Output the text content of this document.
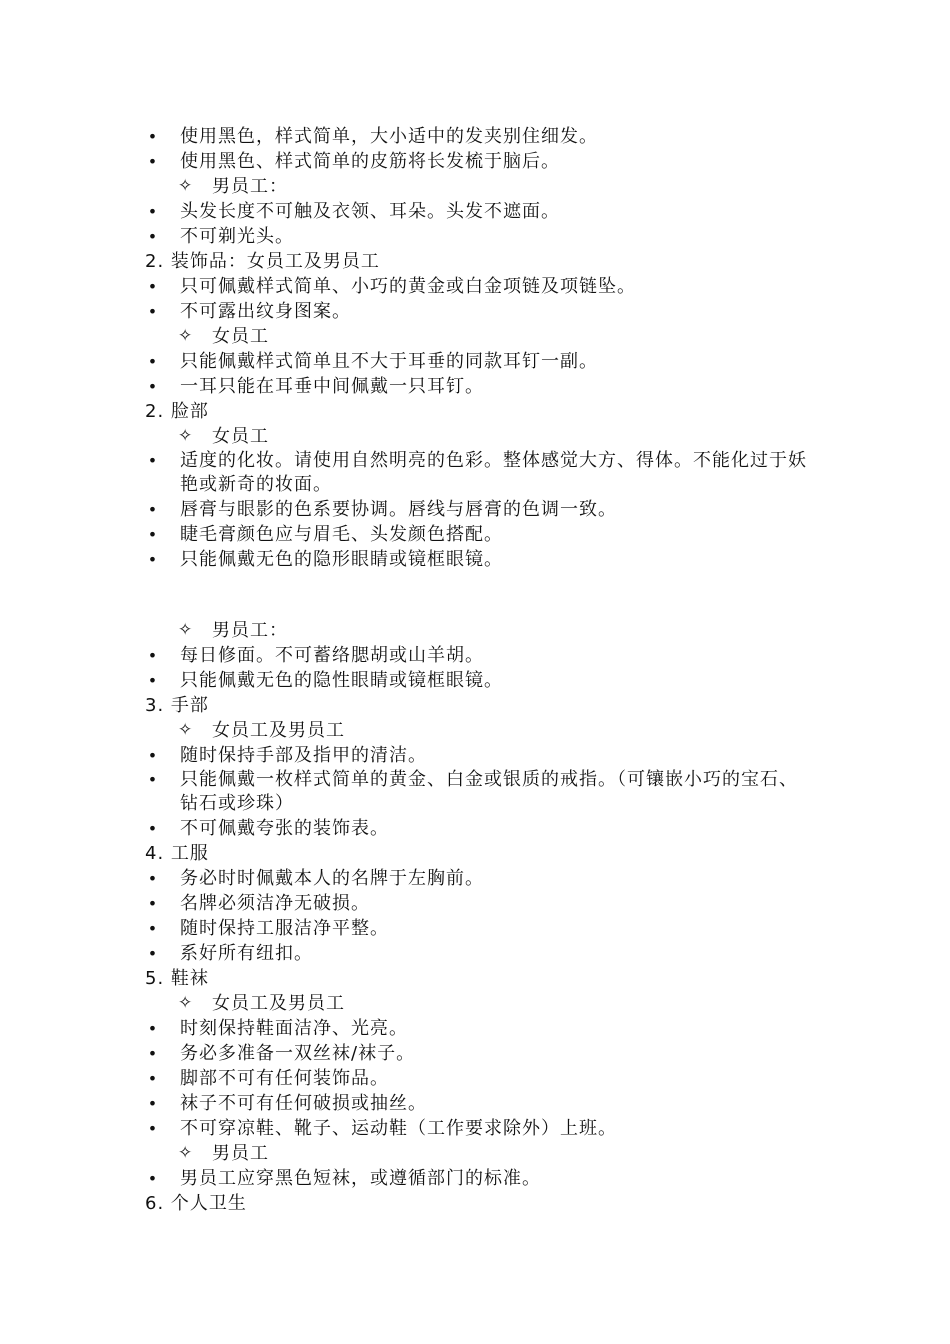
• 使用黑色，样式简单，大小适中的发夹别住细发。
• 使用黑色、样式简单的皮筋将长发梳于脑后。
✧ 男员工：
• 头发长度不可触及衣领、耳朵。头发不遮面。
• 不可剃光头。
2. 装饰品：女员工及男员工
• 只可佩戴样式简单、小巧的黄金或白金项链及项链坠。
• 不可露出纹身图案。
✧ 女员工
• 只能佩戴样式简单且不大于耳垂的同款耳钉一副。
• 一耳只能在耳垂中间佩戴一只耳钉。
2. 脸部
✧ 女员工
• 适度的化妆。请使用自然明亮的色彩。整体感觉大方、得体。不能化过于妖艳或新奇的妆面。
• 唇膏与眼影的色系要协调。唇线与唇膏的色调一致。
• 睫毛膏颜色应与眉毛、头发颜色搭配。
• 只能佩戴无色的隐形眼睛或镜框眼镜。
✧ 男员工：
• 每日修面。不可蓄络腮胡或山羊胡。
• 只能佩戴无色的隐性眼睛或镜框眼镜。
3. 手部
✧ 女员工及男员工
• 随时保持手部及指甲的清洁。
• 只能佩戴一枚样式简单的黄金、白金或银质的戒指。（可镶嵌小巧的宝石、钻石或珍珠）
• 不可佩戴夸张的装饰表。
4. 工服
• 务必时时佩戴本人的名牌于左胸前。
• 名牌必须洁净无破损。
• 随时保持工服洁净平整。
• 系好所有纽扣。
5. 鞋袜
✧ 女员工及男员工
• 时刻保持鞋面洁净、光亮。
• 务必多准备一双丝袜/袜子。
• 脚部不可有任何装饰品。
• 袜子不可有任何破损或抽丝。
• 不可穿凉鞋、靴子、运动鞋（工作要求除外）上班。
✧ 男员工
• 男员工应穿黑色短袜，或遵循部门的标准。
6. 个人卫生
